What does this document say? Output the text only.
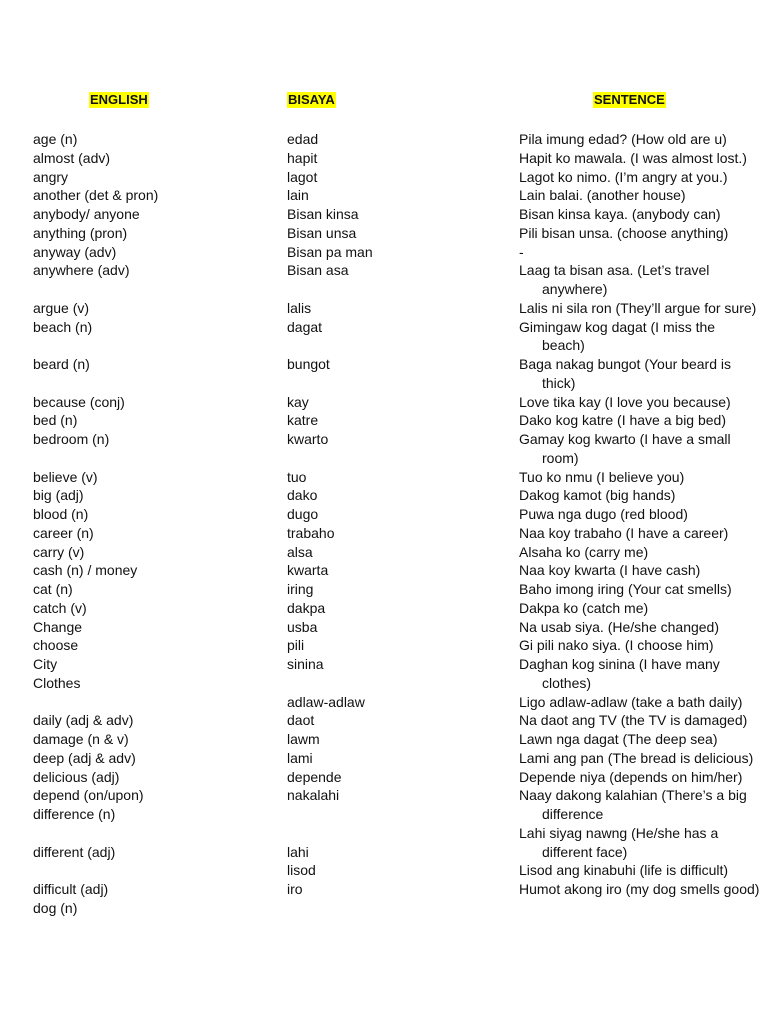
ENGLISH	BISAYA	SENTENCE
age (n)
almost (adv)
angry
another (det & pron)
anybody/ anyone
anything (pron)
anyway (adv)
anywhere (adv)
argue (v)
beach (n)
beard (n)
because (conj)
bed (n)
bedroom (n)
believe (v)
big (adj)
blood (n)
career (n)
carry (v)
cash (n) / money
cat (n)
catch (v)
Change
choose
City
Clothes
daily (adj & adv)
damage (n & v)
deep (adj & adv)
delicious (adj)
depend (on/upon)
difference (n)
different (adj)
difficult (adj)
dog (n)
edad
hapit
lagot
lain
Bisan kinsa
Bisan unsa
Bisan pa man
Bisan asa
lalis
dagat
bungot
kay
katre
kwarto
tuo
dako
dugo
trabaho
alsa
kwarta
iring
dakpa
usba
pili
sinina
adlaw-adlaw
daot
lawm
lami
depende
nakalahi
lahi
lisod
iro
Pila imung edad? (How old are u)
Hapit ko mawala. (I was almost lost.)
Lagot ko nimo. (I’m angry at you.)
Lain balai. (another house)
Bisan kinsa kaya. (anybody can)
Pili bisan unsa. (choose anything)
-
Laag ta bisan asa. (Let’s travel
anywhere)
Lalis ni sila ron (They’ll argue for sure)
Gimingaw kog dagat (I miss the
beach)
Baga nakag bungot (Your beard is
thick)
Love tika kay (I love you because)
Dako kog katre (I have a big bed)
Gamay kog kwarto (I have a small
room)
Tuo ko nmu (I believe you)
Dakog kamot (big hands)
Puwa nga dugo (red blood)
Naa koy trabaho (I have a career)
Alsaha ko (carry me)
Naa koy kwarta (I have cash)
Baho imong iring (Your cat smells)
Dakpa ko (catch me)
Na usab siya. (He/she changed)
Gi pili nako siya. (I choose him)
Daghan kog sinina (I have many
clothes)
Ligo adlaw-adlaw (take a bath daily)
Na daot ang TV (the TV is damaged)
Lawn nga dagat (The deep sea)
Lami ang pan (The bread is delicious)
Depende niya (depends on him/her)
Naay dakong kalahian (There’s a big
difference
Lahi siyag nawng (He/she has a
different face)
Lisod ang kinabuhi (life is difficult)
Humot akong iro (my dog smells good)
